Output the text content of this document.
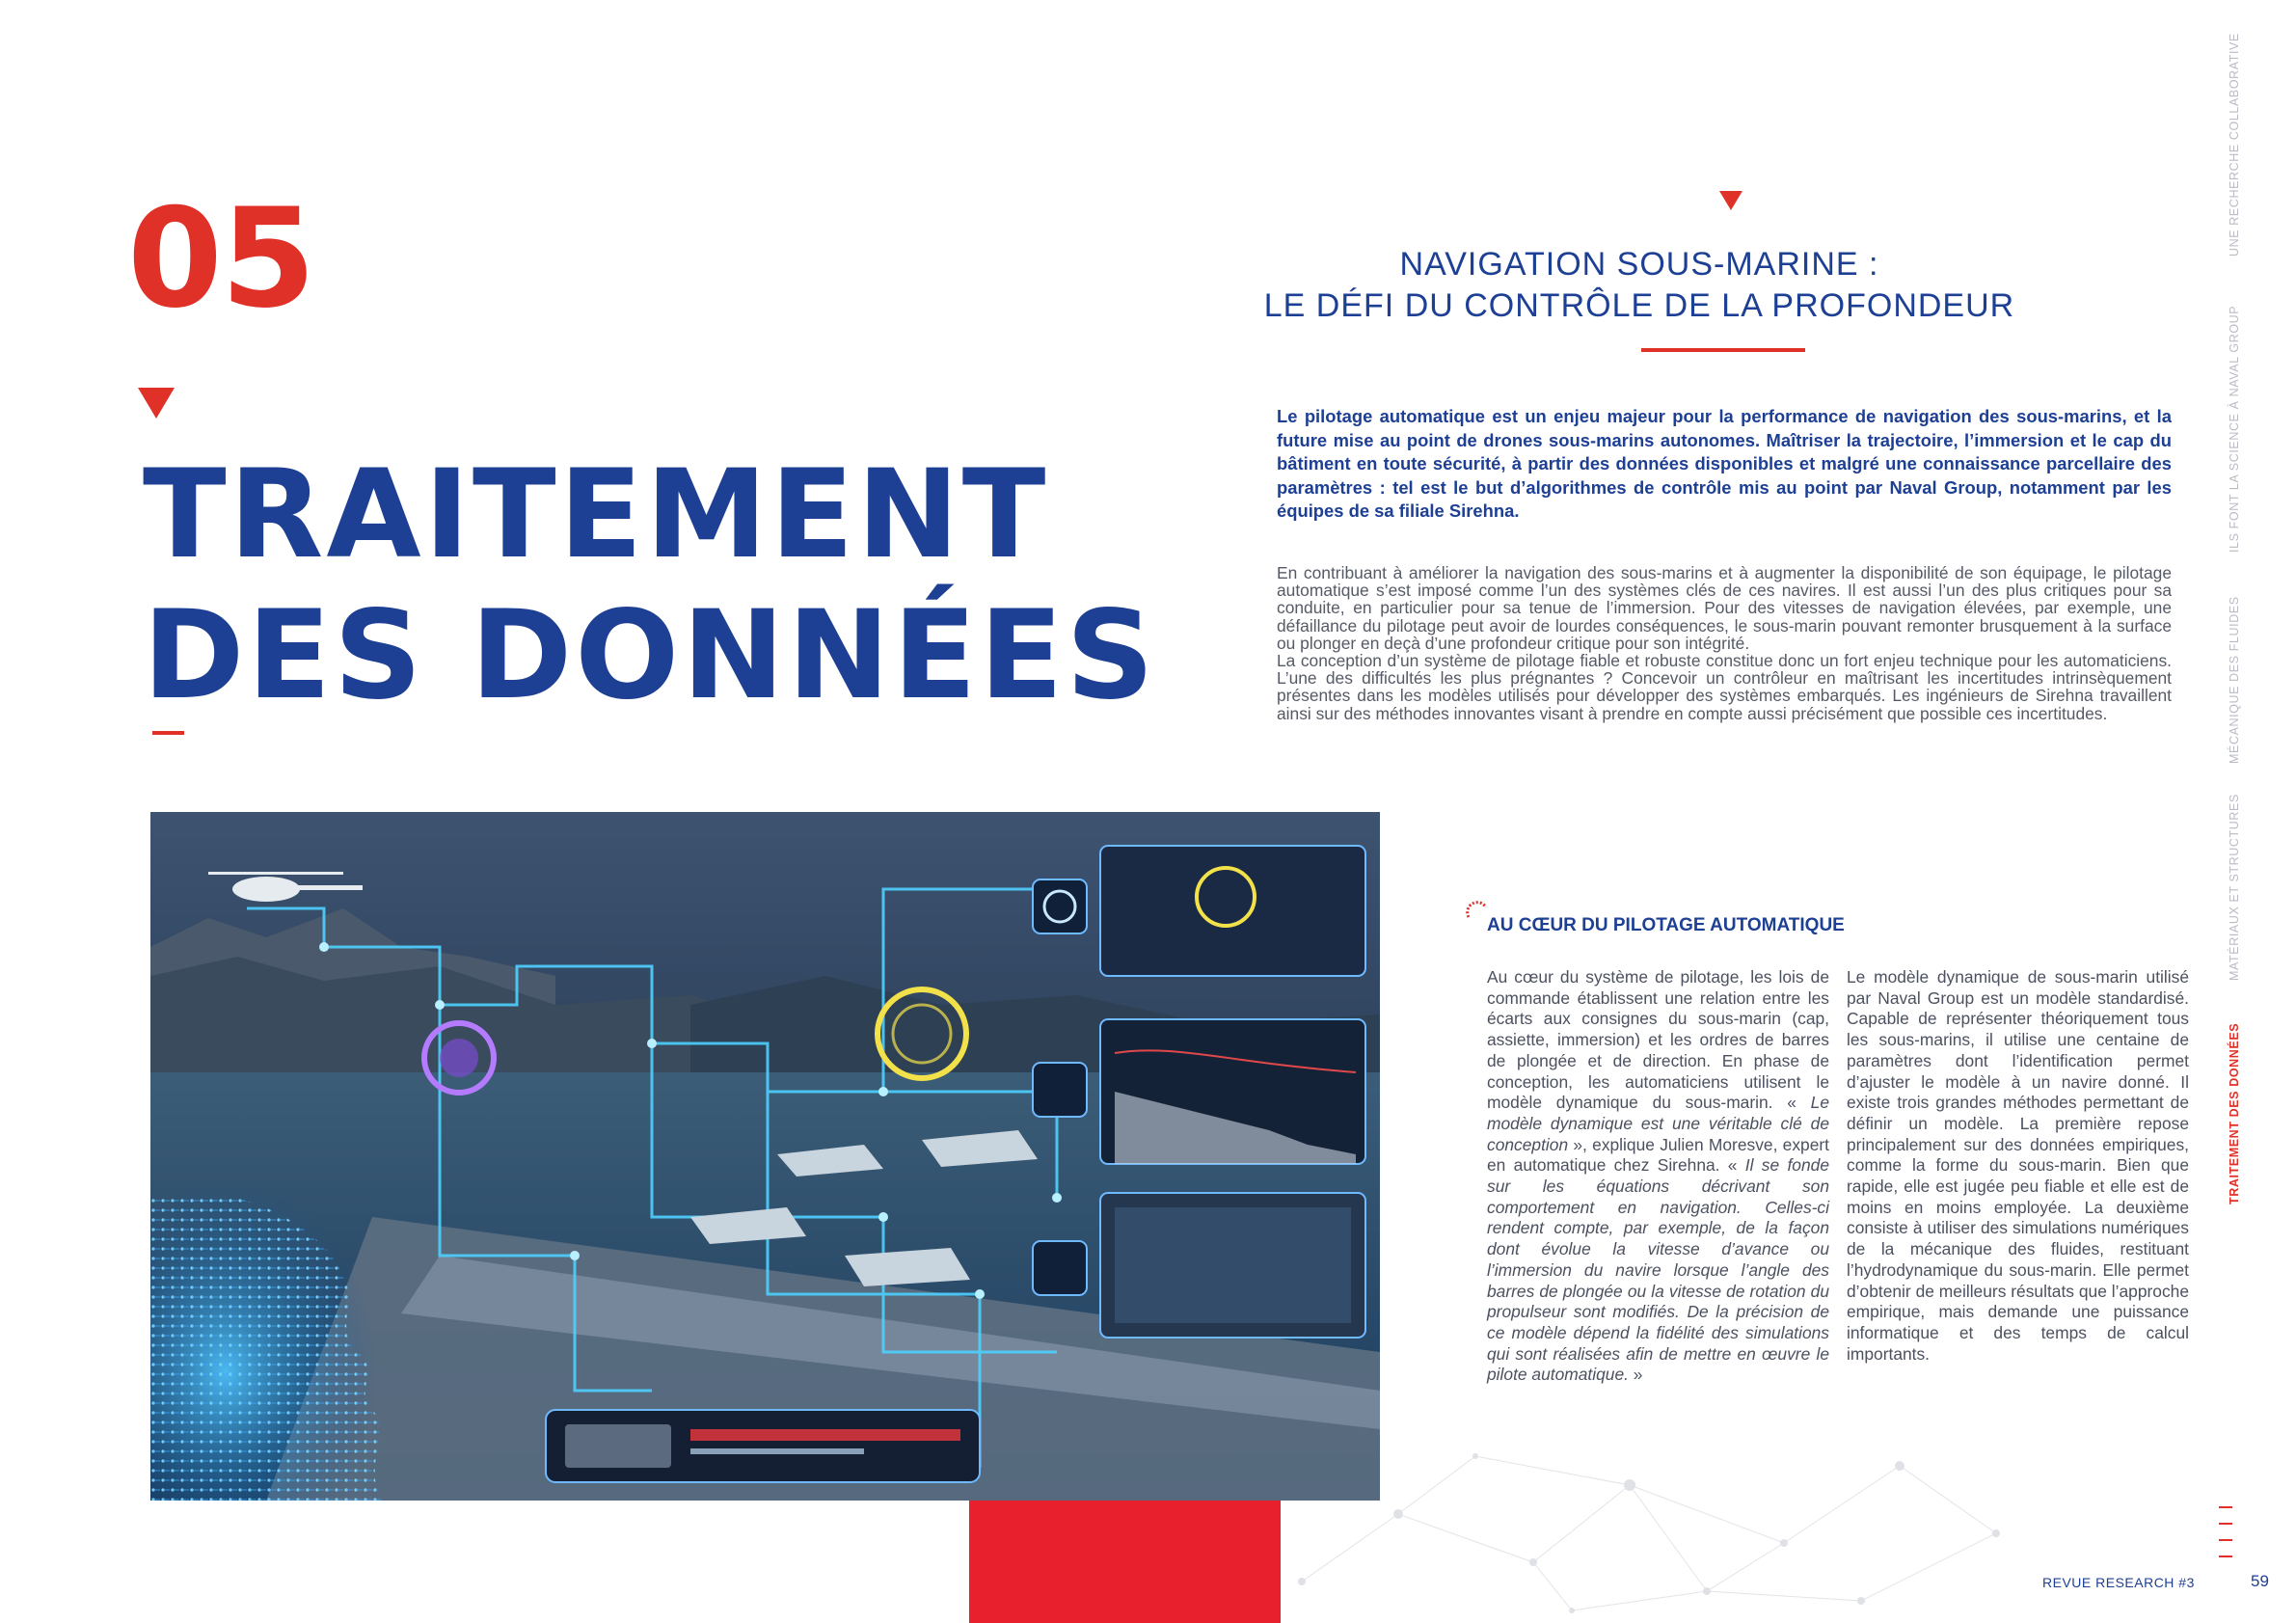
05
TRAITEMENT
DES DONNÉES
NAVIGATION SOUS-MARINE :
LE DÉFI DU CONTRÔLE DE LA PROFONDEUR
Le pilotage automatique est un enjeu majeur pour la performance de navigation des sous-marins, et la future mise au point de drones sous-marins autonomes. Maîtriser la trajectoire, l’immersion et le cap du bâtiment en toute sécurité, à partir des données disponibles et malgré une connaissance parcellaire des paramètres : tel est le but d’algorithmes de contrôle mis au point par Naval Group, notamment par les équipes de sa filiale Sirehna.

En contribuant à améliorer la navigation des sous-marins et à augmenter la disponibilité de son équipage, le pilotage automatique s’est imposé comme l’un des systèmes clés de ces navires. Il est aussi l’un des plus critiques pour sa conduite, en particulier pour sa tenue de l’immersion. Pour des vitesses de navigation élevées, par exemple, une défaillance du pilotage peut avoir de lourdes conséquences, le sous-marin pouvant remonter brusquement à la surface ou plonger en deçà d’une profondeur critique pour son intégrité.

La conception d’un système de pilotage fiable et robuste constitue donc un fort enjeu technique pour les automaticiens. L’une des difficultés les plus prégnantes ? Concevoir un contrôleur en maîtrisant les incertitudes intrinsèquement présentes dans les modèles utilisés pour développer des systèmes embarqués. Les ingénieurs de Sirehna travaillent ainsi sur des méthodes innovantes visant à prendre en compte aussi précisément que possible ces incertitudes.

AU CŒUR DU PILOTAGE AUTOMATIQUE
Au cœur du système de pilotage, les lois de commande établissent une relation entre les écarts aux consignes du sous-marin (cap, assiette, immersion) et les ordres de barres de plongée et de direction. En phase de conception, les automaticiens utilisent le modèle dynamique du sous-marin. « Le modèle dynamique est une véritable clé de conception », explique Julien Moresve, expert en automatique chez Sirehna. « Il se fonde sur les équations décrivant son comportement en navigation. Celles-ci rendent compte, par exemple, de la façon dont évolue la vitesse d’avance ou l’immersion du navire lorsque l’angle des barres de plongée ou la vitesse de rotation du propulseur sont modifiés. De la précision de ce modèle dépend la fidélité des simulations qui sont réalisées afin de mettre en œuvre le pilote automatique. »
Le modèle dynamique de sous-marin utilisé par Naval Group est un modèle standardisé. Capable de représenter théoriquement tous les sous-marins, il utilise une centaine de paramètres dont l’identification permet d’ajuster le modèle à un navire donné. Il existe trois grandes méthodes permettant de définir un modèle. La première repose principalement sur des données empiriques, comme la forme du sous-marin. Bien que rapide, elle est jugée peu fiable et elle est de moins en moins employée. La deuxième consiste à utiliser des simulations numériques de la mécanique des fluides, restituant l’hydrodynamique du sous-marin. Elle permet d’obtenir de meilleurs résultats que l’approche empirique, mais demande une puissance informatique et des temps de calcul importants.
UNE RECHERCHE COLLABORATIVE
ILS FONT LA SCIENCE À NAVAL GROUP
MÉCANIQUE DES FLUIDES
MATÉRIAUX ET STRUCTURES
TRAITEMENT DES DONNÉES
REVUE RESEARCH #3	59
